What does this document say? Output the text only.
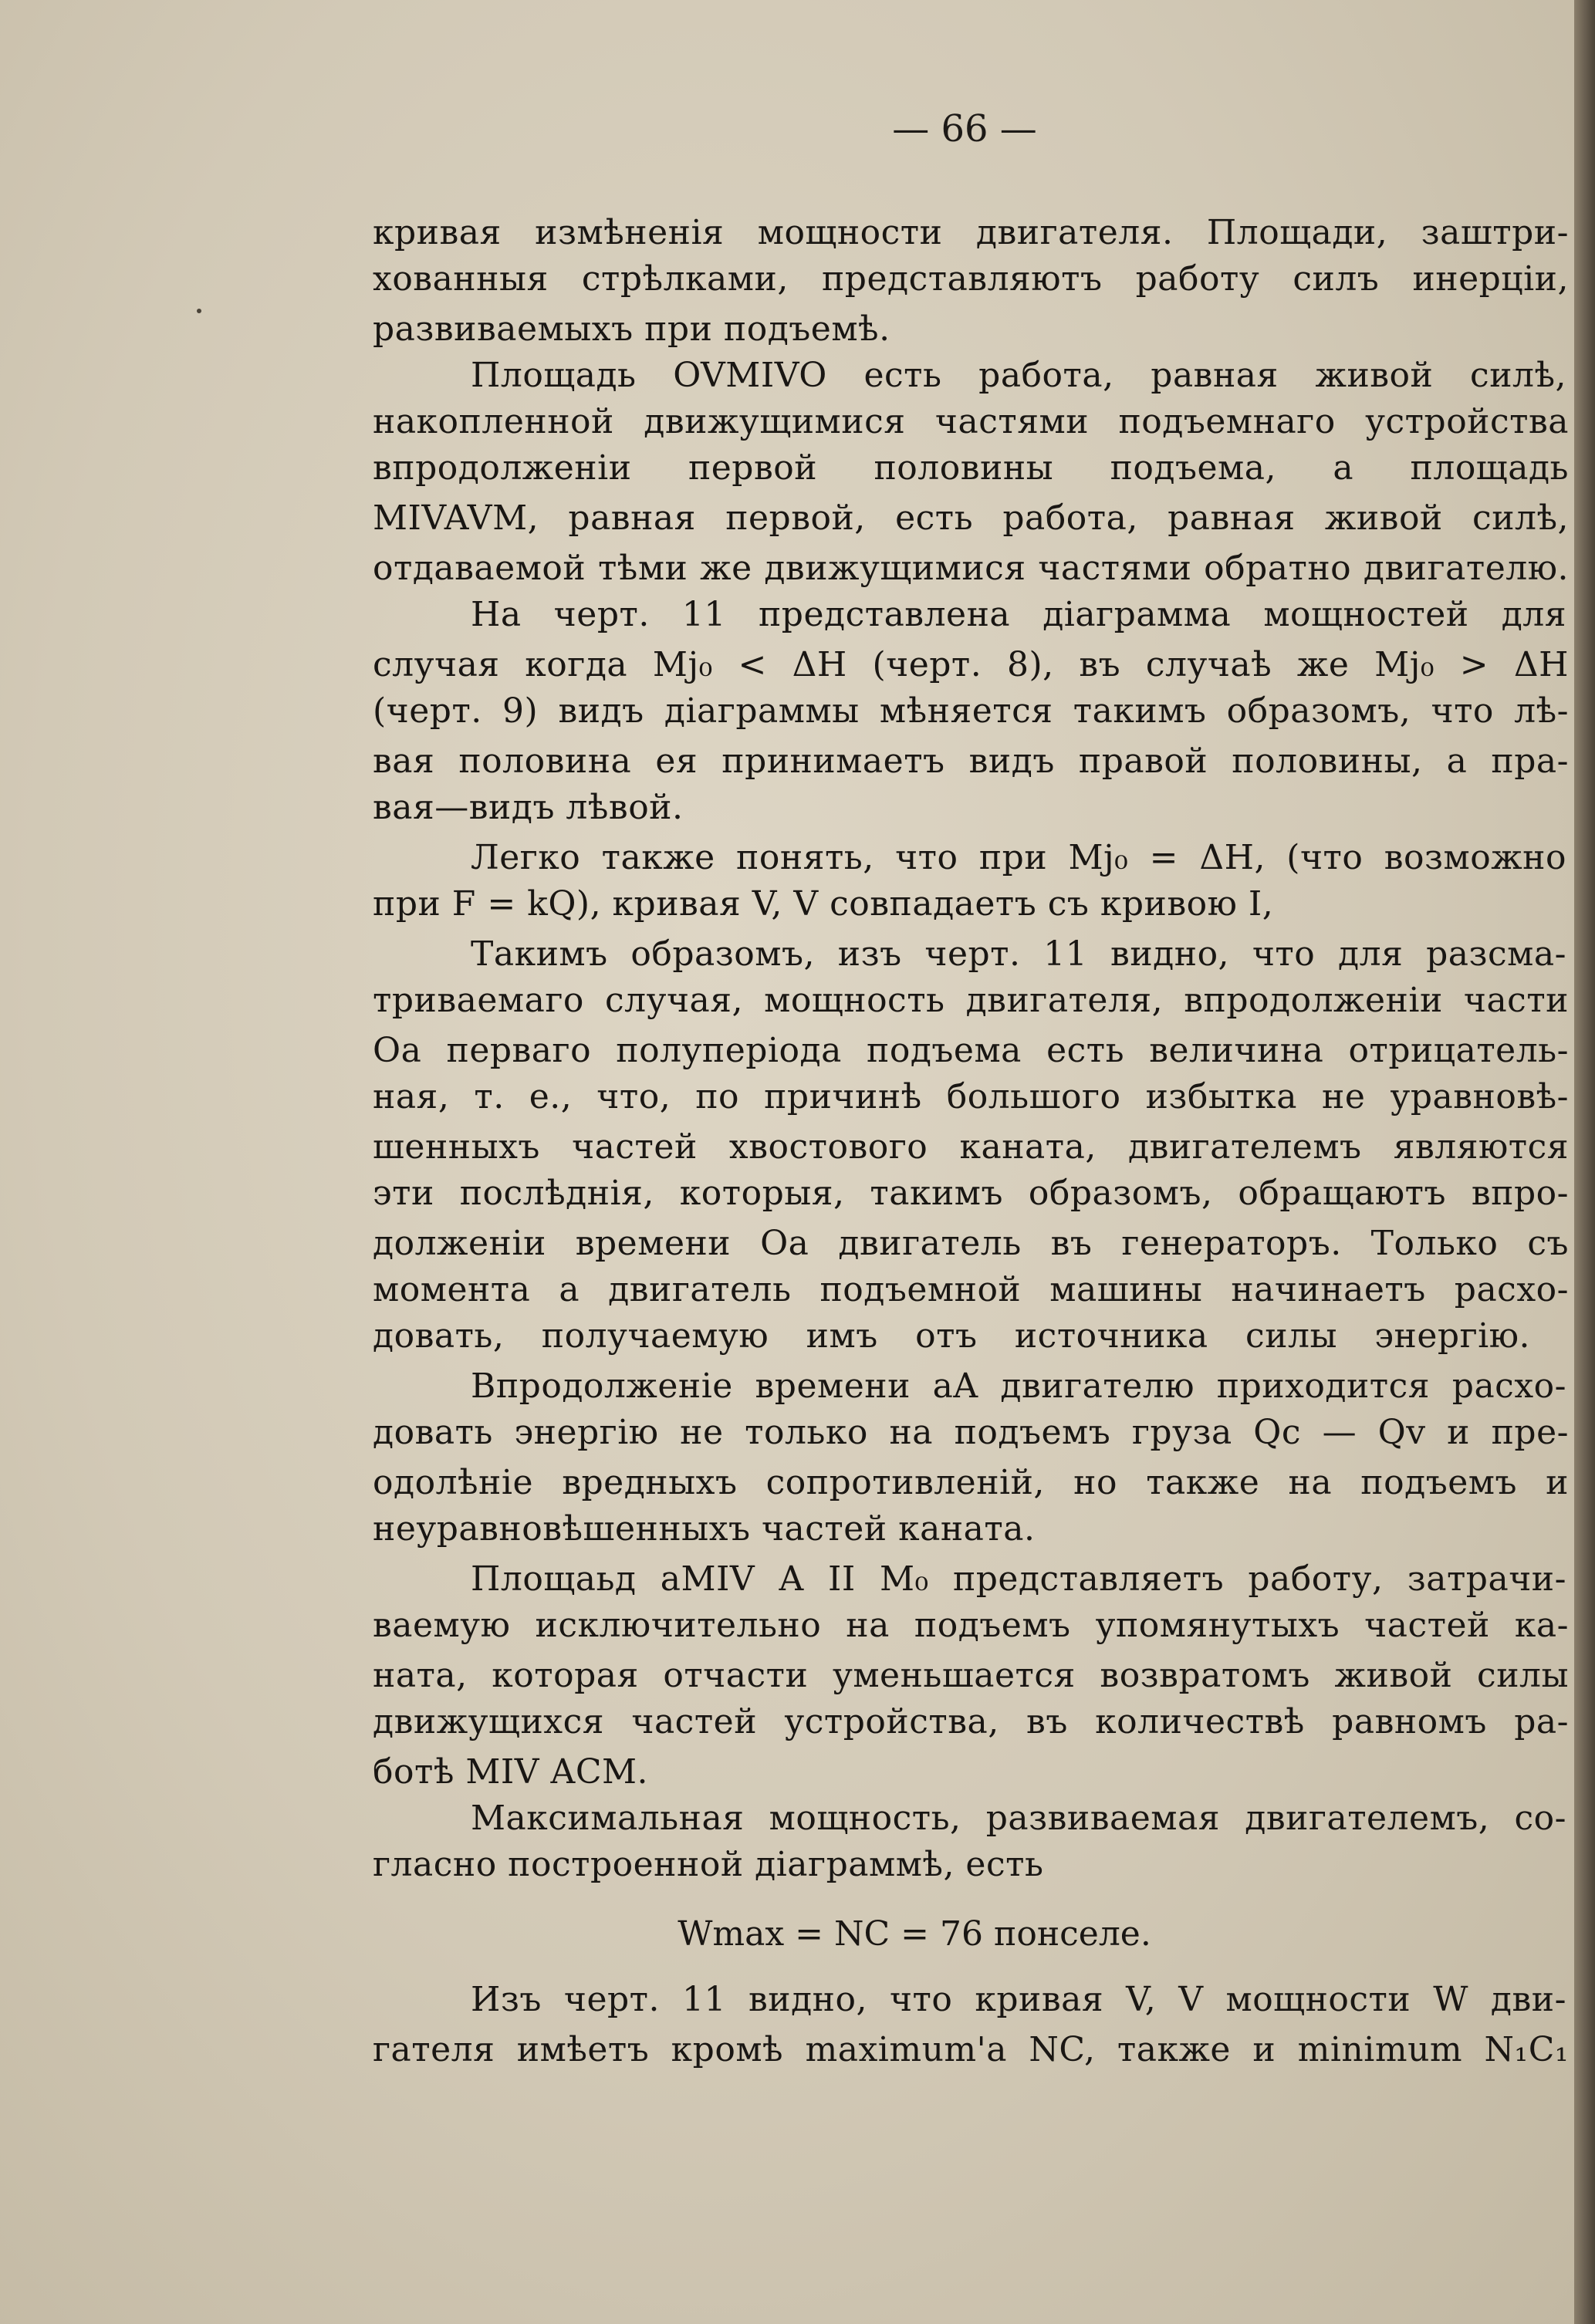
— 66 —
кривая измѣненія мощности двигателя. Площади, заштри-
хованныя стрѣлками, представляютъ работу силъ инерціи,
развиваемыхъ при подъемѣ.
Площадь OVMIVO есть работа, равная живой силѣ,
накопленной движущимися частями подъемнаго устройства
впродолженіи первой половины подъема, а площадь
MIVAVM, равная первой, есть работа, равная живой силѣ,
отдаваемой тѣми же движущимися частями обратно двигателю.
На черт. 11 представлена діаграмма мощностей для
случая когда Mj₀ < ΔH (черт. 8), въ случаѣ же Mj₀ > ΔH
(черт. 9) видъ діаграммы мѣняется такимъ образомъ, что лѣ-
вая половина ея принимаетъ видъ правой половины, а пра-
вая—видъ лѣвой.
Легко также понять, что при Mj₀ = ΔH, (что возможно
при F = kQ), кривая V, V совпадаетъ съ кривою I,
Такимъ образомъ, изъ черт. 11 видно, что для разсма-
триваемаго случая, мощность двигателя, впродолженіи части
Oa перваго полупеpіода подъема есть величина отрицатель-
ная, т. е., что, по причинѣ большого избытка не уравновѣ-
шенныхъ частей хвостового каната, двигателемъ являются
эти послѣднія, которыя, такимъ образомъ, обращаютъ впро-
долженіи времени Oa двигатель въ генераторъ. Только съ
момента a двигатель подъемной машины начинаетъ расхо-
довать, получаемую имъ отъ источника силы энергію.
Впродолженіе времени aA двигателю приходится расхо-
довать энергію не только на подъемъ груза Qc — Qv и пре-
одолѣніе вредныхъ сопротивленій, но также на подъемъ и
неуравновѣшенныхъ частей каната.
Площаьд aMIV A II M₀ представляетъ работу, затрачи-
ваемую исключительно на подъемъ упомянутыхъ частей ка-
ната, которая отчасти уменьшается возвратомъ живой силы
движущихся частей устройства, въ количествѣ равномъ ра-
ботѣ MIV ACM.
Максимальная мощность, развиваемая двигателемъ, со-
гласно построенной діаграммѣ, есть
Wmax = NC = 76 понселе.
Изъ черт. 11 видно, что кривая V, V мощности W дви-
гателя имѣетъ кромѣ maximum'a NC, также и minimum N₁C₁
